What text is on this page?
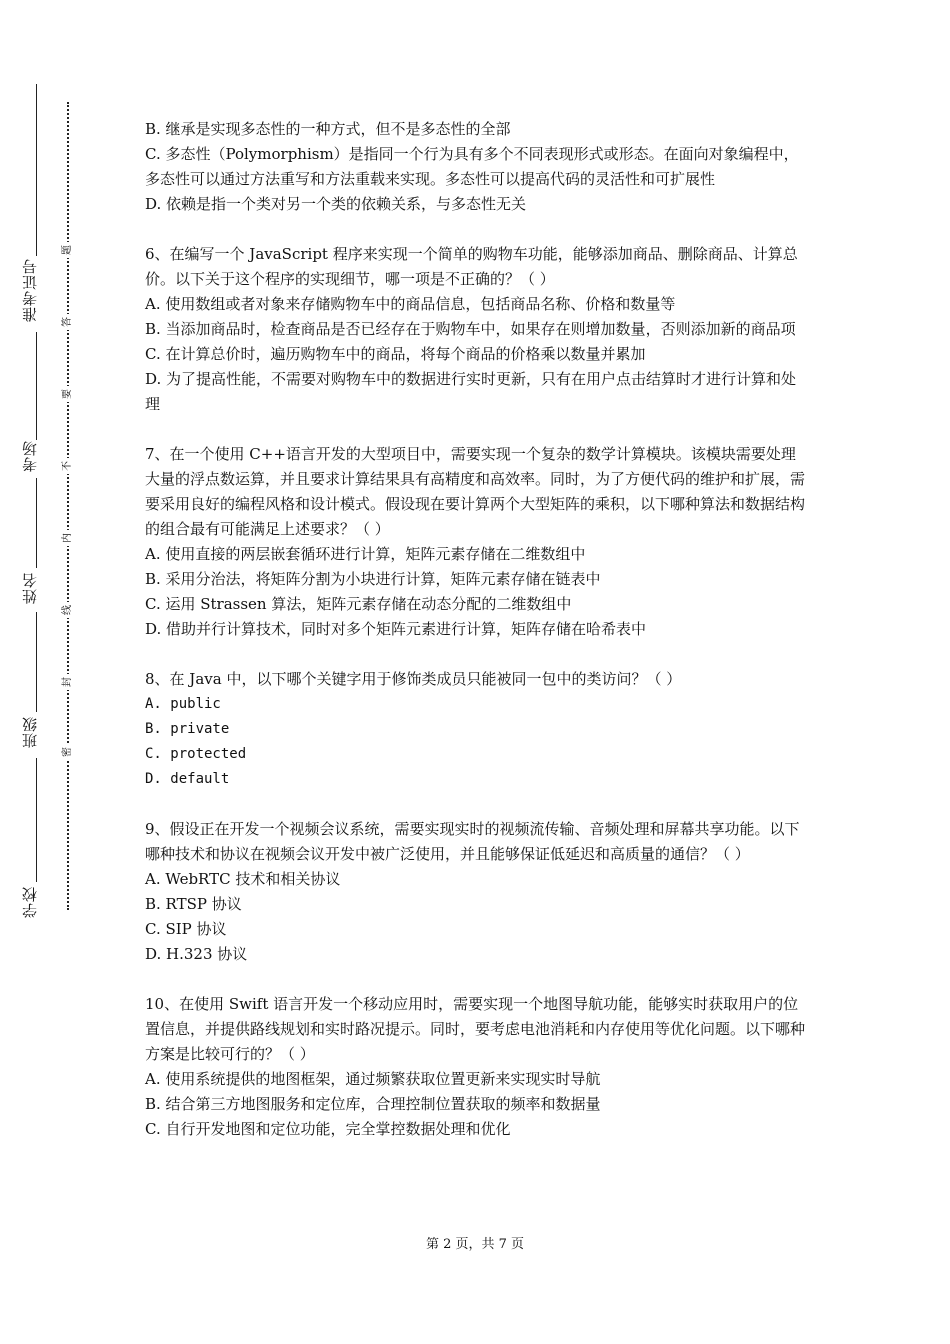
准考证号
考场
姓名
班级
学校
题
答
要
不
内
线
封
密

B. 继承是实现多态性的一种方式，但不是多态性的全部

C. 多态性（Polymorphism）是指同一个行为具有多个不同表现形式或形态。在面向对象编程中，多态性可以通过方法重写和方法重载来实现。多态性可以提高代码的灵活性和可扩展性

D. 依赖是指一个类对另一个类的依赖关系，与多态性无关

6、在编写一个 JavaScript 程序来实现一个简单的购物车功能，能够添加商品、删除商品、计算总价。以下关于这个程序的实现细节，哪一项是不正确的？（ ）

A. 使用数组或者对象来存储购物车中的商品信息，包括商品名称、价格和数量等

B. 当添加商品时，检查商品是否已经存在于购物车中，如果存在则增加数量，否则添加新的商品项

C. 在计算总价时，遍历购物车中的商品，将每个商品的价格乘以数量并累加

D. 为了提高性能，不需要对购物车中的数据进行实时更新，只有在用户点击结算时才进行计算和处理

7、在一个使用 C++语言开发的大型项目中，需要实现一个复杂的数学计算模块。该模块需要处理大量的浮点数运算，并且要求计算结果具有高精度和高效率。同时，为了方便代码的维护和扩展，需要采用良好的编程风格和设计模式。假设现在要计算两个大型矩阵的乘积，以下哪种算法和数据结构的组合最有可能满足上述要求？（ ）

A. 使用直接的两层嵌套循环进行计算，矩阵元素存储在二维数组中

B. 采用分治法，将矩阵分割为小块进行计算，矩阵元素存储在链表中

C. 运用 Strassen 算法，矩阵元素存储在动态分配的二维数组中

D. 借助并行计算技术，同时对多个矩阵元素进行计算，矩阵存储在哈希表中

8、在 Java 中，以下哪个关键字用于修饰类成员只能被同一包中的类访问？（ ）

A. public

B. private

C. protected

D. default

9、假设正在开发一个视频会议系统，需要实现实时的视频流传输、音频处理和屏幕共享功能。以下哪种技术和协议在视频会议开发中被广泛使用，并且能够保证低延迟和高质量的通信？（ ）

A. WebRTC 技术和相关协议

B. RTSP 协议

C. SIP 协议

D. H.323 协议

10、在使用 Swift 语言开发一个移动应用时，需要实现一个地图导航功能，能够实时获取用户的位置信息，并提供路线规划和实时路况提示。同时，要考虑电池消耗和内存使用等优化问题。以下哪种方案是比较可行的？（ ）

A. 使用系统提供的地图框架，通过频繁获取位置更新来实现实时导航

B. 结合第三方地图服务和定位库，合理控制位置获取的频率和数据量

C. 自行开发地图和定位功能，完全掌控数据处理和优化

第 2 页，共 7 页
